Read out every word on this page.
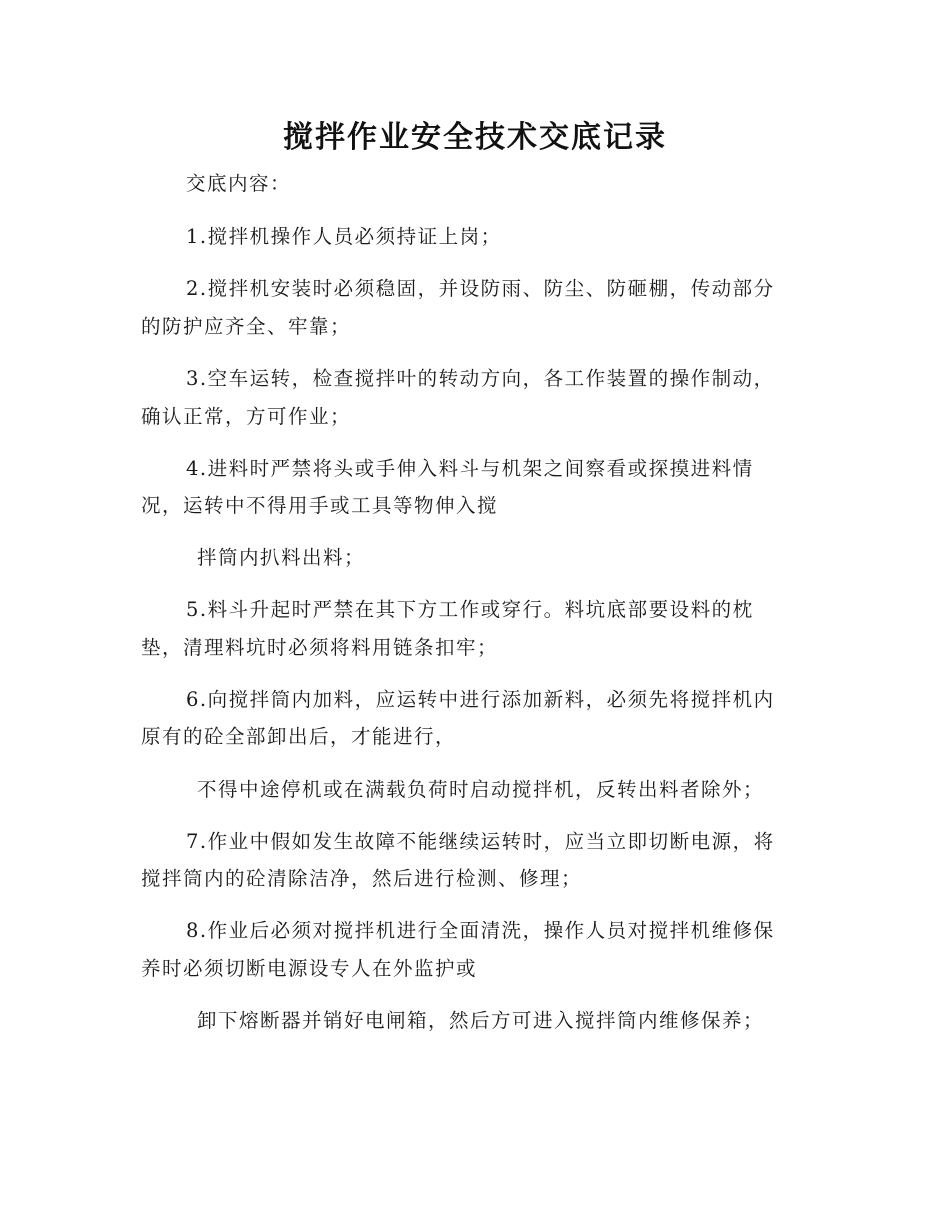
搅拌作业安全技术交底记录
交底内容：
1.搅拌机操作人员必须持证上岗；
2.搅拌机安装时必须稳固，并设防雨、防尘、防砸棚，传动部分
的防护应齐全、牢靠；
3.空车运转，检查搅拌叶的转动方向，各工作装置的操作制动，
确认正常，方可作业；
4.进料时严禁将头或手伸入料斗与机架之间察看或探摸进料情
况，运转中不得用手或工具等物伸入搅
拌筒内扒料出料；
5.料斗升起时严禁在其下方工作或穿行。料坑底部要设料的枕
垫，清理料坑时必须将料用链条扣牢；
6.向搅拌筒内加料，应运转中进行添加新料，必须先将搅拌机内
原有的砼全部卸出后，才能进行，
不得中途停机或在满载负荷时启动搅拌机，反转出料者除外；
7.作业中假如发生故障不能继续运转时，应当立即切断电源，将
搅拌筒内的砼清除洁净，然后进行检测、修理；
8.作业后必须对搅拌机进行全面清洗，操作人员对搅拌机维修保
养时必须切断电源设专人在外监护或
卸下熔断器并销好电闸箱，然后方可进入搅拌筒内维修保养；
